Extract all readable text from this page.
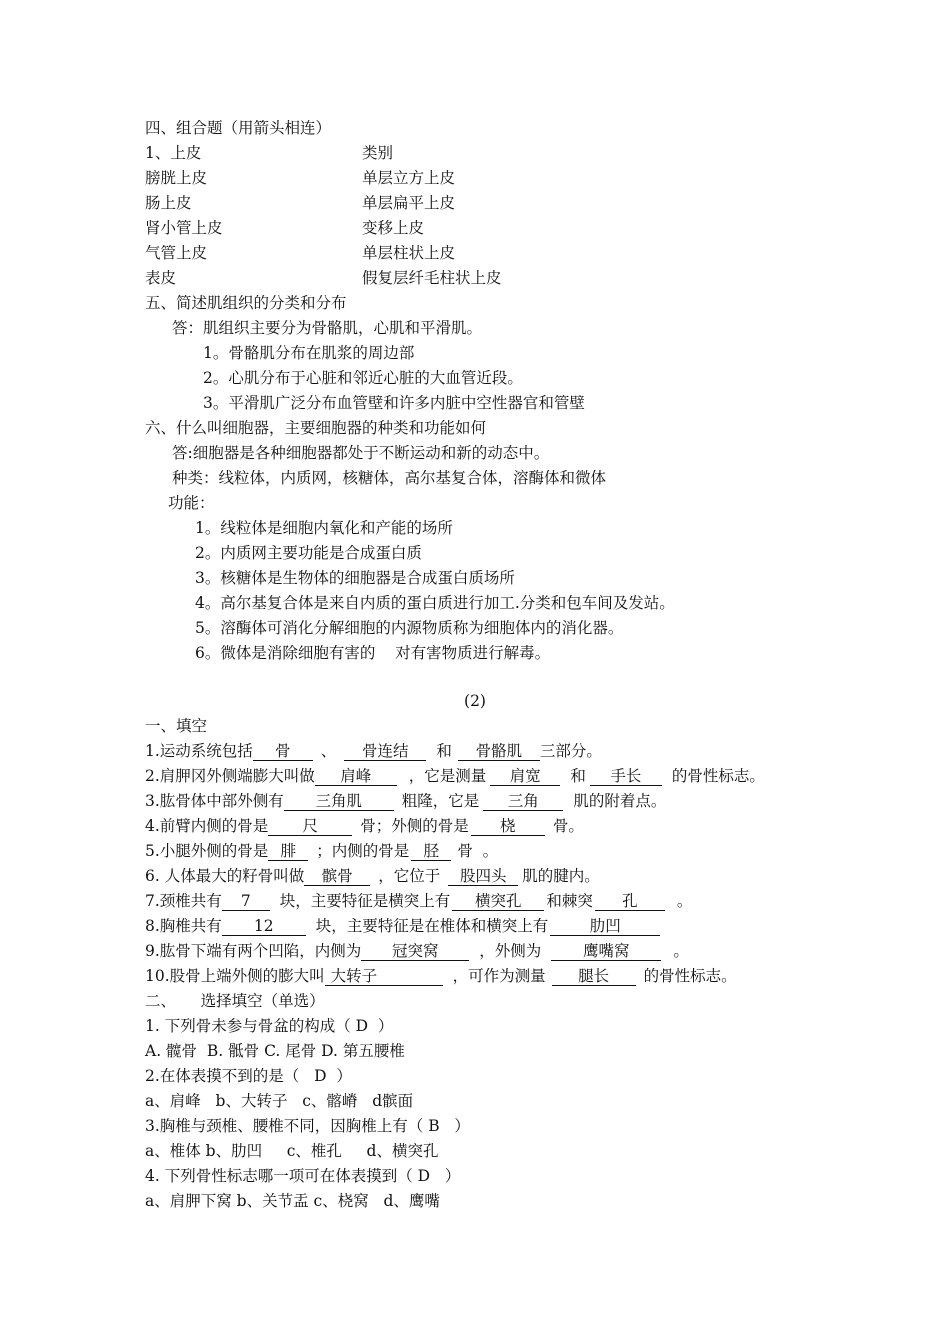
四、组合题（用箭头相连）
1、上皮	类别
膀胱上皮	单层立方上皮
肠上皮	单层扁平上皮
肾小管上皮	变移上皮
气管上皮	单层柱状上皮
表皮	假复层纤毛柱状上皮
五、简述肌组织的分类和分布
答：肌组织主要分为骨骼肌，心肌和平滑肌。
1。骨骼肌分布在肌浆的周边部
2。心肌分布于心脏和邻近心脏的大血管近段。
3。平滑肌广泛分布血管壁和许多内脏中空性器官和管壁
六、什么叫细胞器，主要细胞器的种类和功能如何
答:细胞器是各种细胞器都处于不断运动和新的动态中。
种类：线粒体，内质网，核糖体，高尔基复合体，溶酶体和微体
功能：
1。线粒体是细胞内氧化和产能的场所
2。内质网主要功能是合成蛋白质
3。核糖体是生物体的细胞器是合成蛋白质场所
4。高尔基复合体是来自内质的蛋白质进行加工.分类和包车间及发站。
5。溶酶体可消化分解细胞的内源物质称为细胞体内的消化器。
6。微体是消除细胞有害的    对有害物质进行解毒。
(2)
一、填空
1.运动系统包括 骨 、 骨连结 和 骨骼肌 三部分。
2.肩胛冈外侧端膨大叫做 肩峰 ，它是测量 肩宽 和 手长 的骨性标志。
3.肱骨体中部外侧有 三角肌	粗隆，它是 三角 肌的附着点。
4.前臂内侧的骨是 尺	骨；外侧的骨是 桡 骨。
5.小腿外侧的骨是 腓 ；内侧的骨是 胫 骨  。
6. 人体最大的籽骨叫做 髌骨 ，它位于 股四头 肌的腱内。
7.颈椎共有 7 块，主要特征是横突上有 横突孔 和棘突 孔	。
8.胸椎共有 12	块，主要特征是在椎体和横突上有	肋凹
9.肱骨下端有两个凹陷，内侧为 冠突窝	，外侧为	鹰嘴窝	。
10.股骨上端外侧的膨大叫 大转子	，可作为测量 腿长 的骨性标志。
二、     选择填空（单选）
1. 下列骨未参与骨盆的构成（ D  ）
A. 髋骨  B. 骶骨 C. 尾骨 D. 第五腰椎
2.在体表摸不到的是（   D  ）
a、肩峰   b、大转子   c、髂嵴   d髌面
3.胸椎与颈椎、腰椎不同，因胸椎上有（ B   ）
a、椎体 b、肋凹     c、椎孔     d、横突孔
4. 下列骨性标志哪一项可在体表摸到（ D   ）
a、肩胛下窝 b、关节盂 c、桡窝   d、鹰嘴
